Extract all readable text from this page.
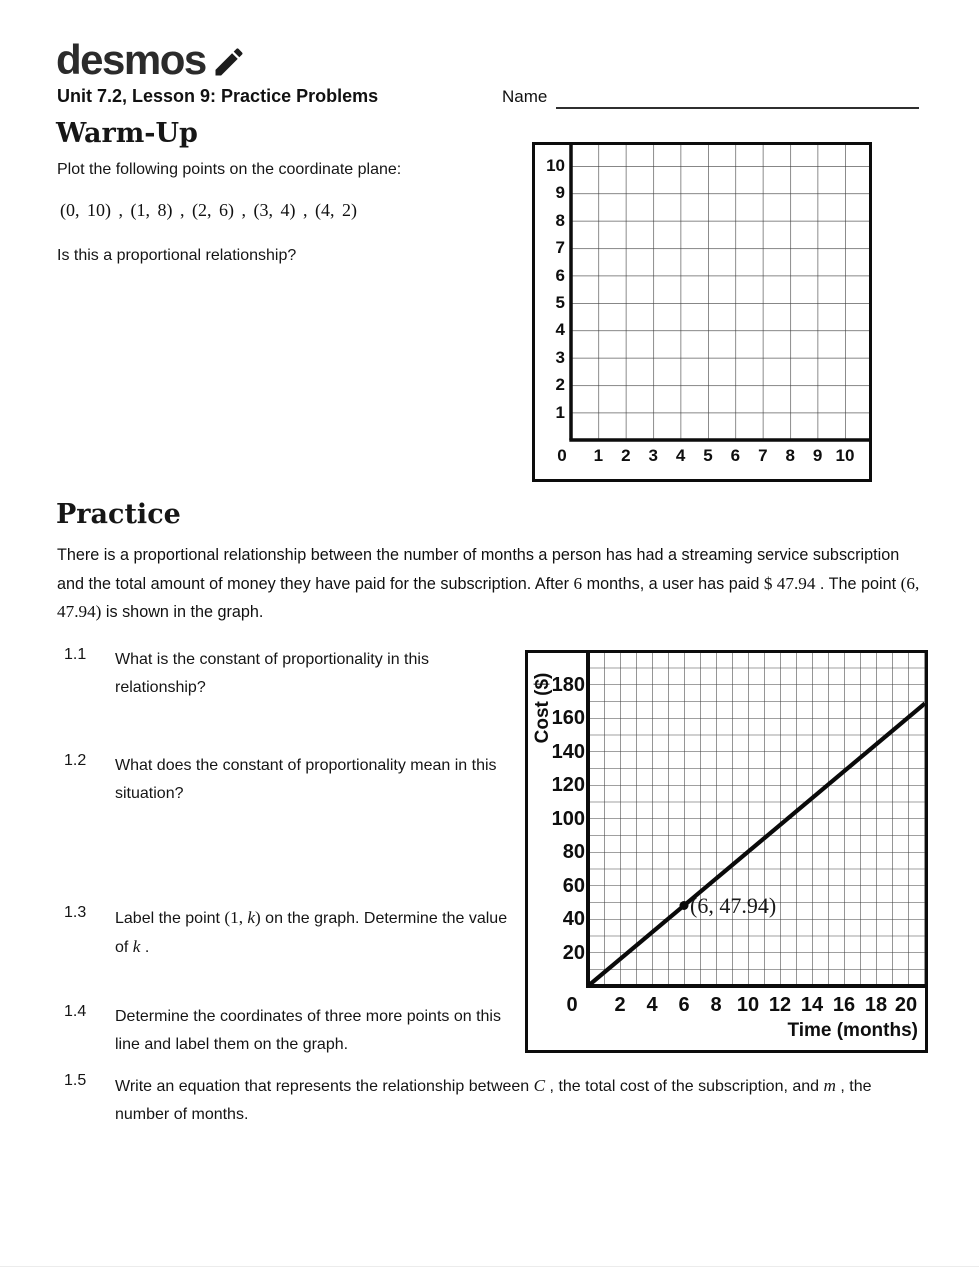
desmos
Unit 7.2, Lesson 9: Practice Problems	Name
Warm-Up
Plot the following points on the coordinate plane:
(0, 10) , (1, 8) , (2, 6) , (3, 4) , (4, 2)
Is this a proportional relationship?
10
9
8
7
6
5
4
3
2
1
0	1	2	3	4	5	6	7	8	9 10
Practice
There is a proportional relationship between the number of months a person has had a streaming service subscription and the total amount of money they have paid for the subscription. After 6 months, a user has paid $ 47.94 . The point (6, 47.94) is shown in the graph.
1.1 What is the constant of proportionality in this relationship?
1.2 What does the constant of proportionality mean in this situation?
1.3 Label the point (1, k) on the graph. Determine the value of k .
1.4 Determine the coordinates of three more points on this line and label them on the graph.
1.5 Write an equation that represents the relationship between C , the total cost of the subscription, and m , the number of months.
Cost ($)
180
160
140
120
100
80
60
40
20
0	2	4	6	8 10 12 14 16 18 20
Time (months)
(6, 47.94)
